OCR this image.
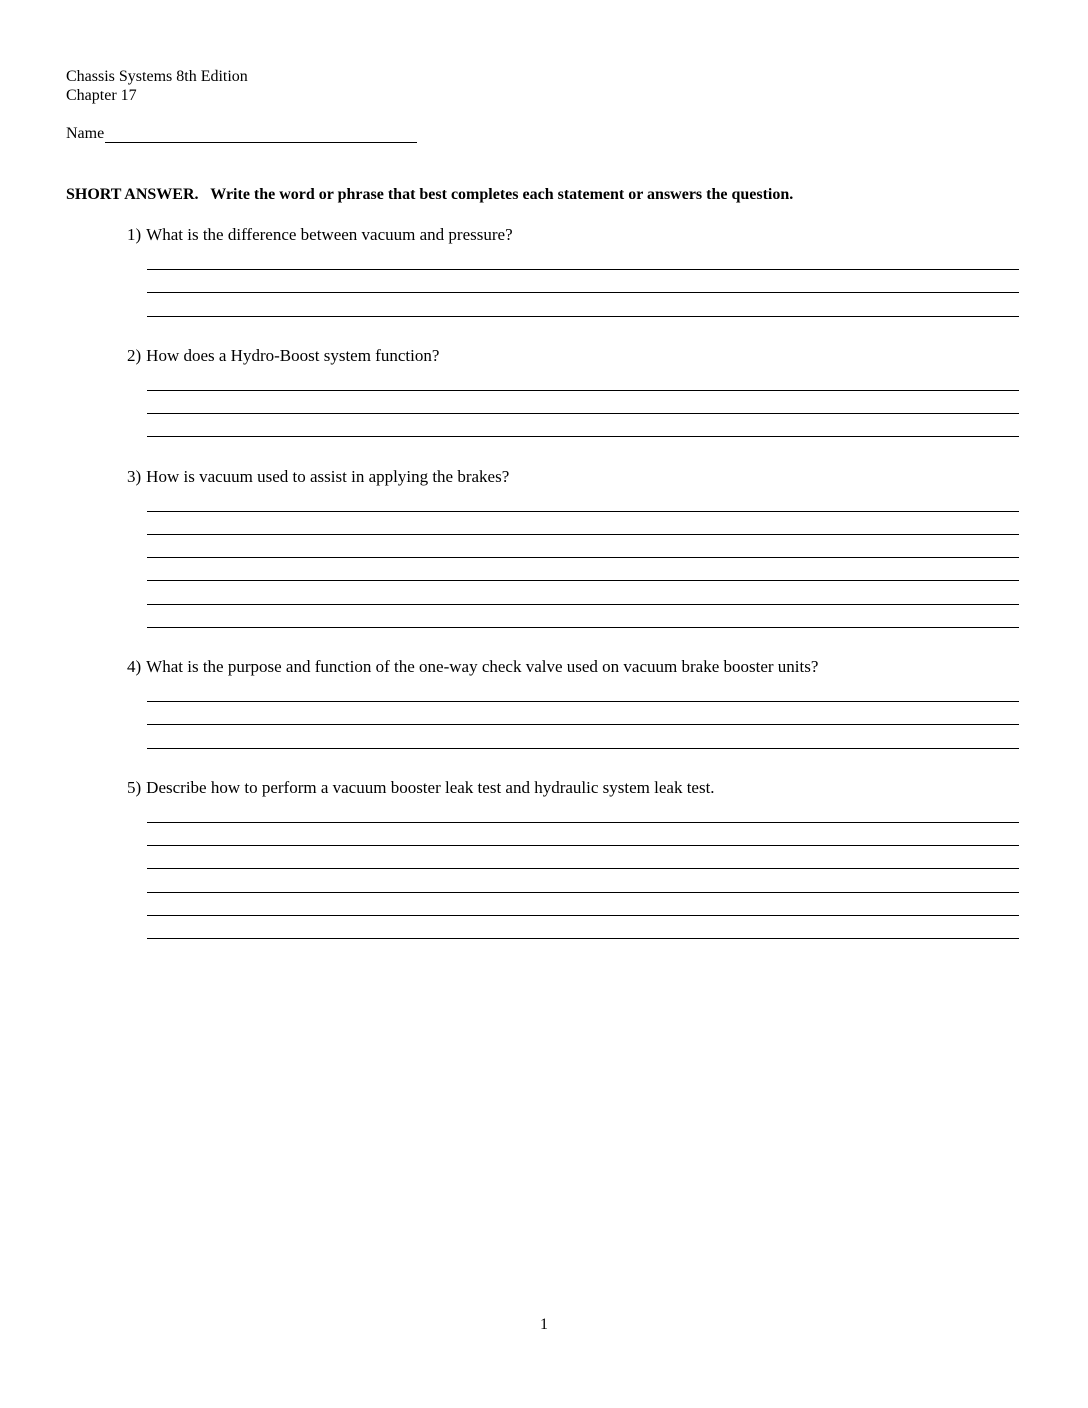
Chassis Systems 8th Edition
Chapter 17
Name
SHORT ANSWER. Write the word or phrase that best completes each statement or answers the question.
1) What is the difference between vacuum and pressure?
2) How does a Hydro-Boost system function?
3) How is vacuum used to assist in applying the brakes?
4) What is the purpose and function of the one-way check valve used on vacuum brake booster units?
5) Describe how to perform a vacuum booster leak test and hydraulic system leak test.
1
